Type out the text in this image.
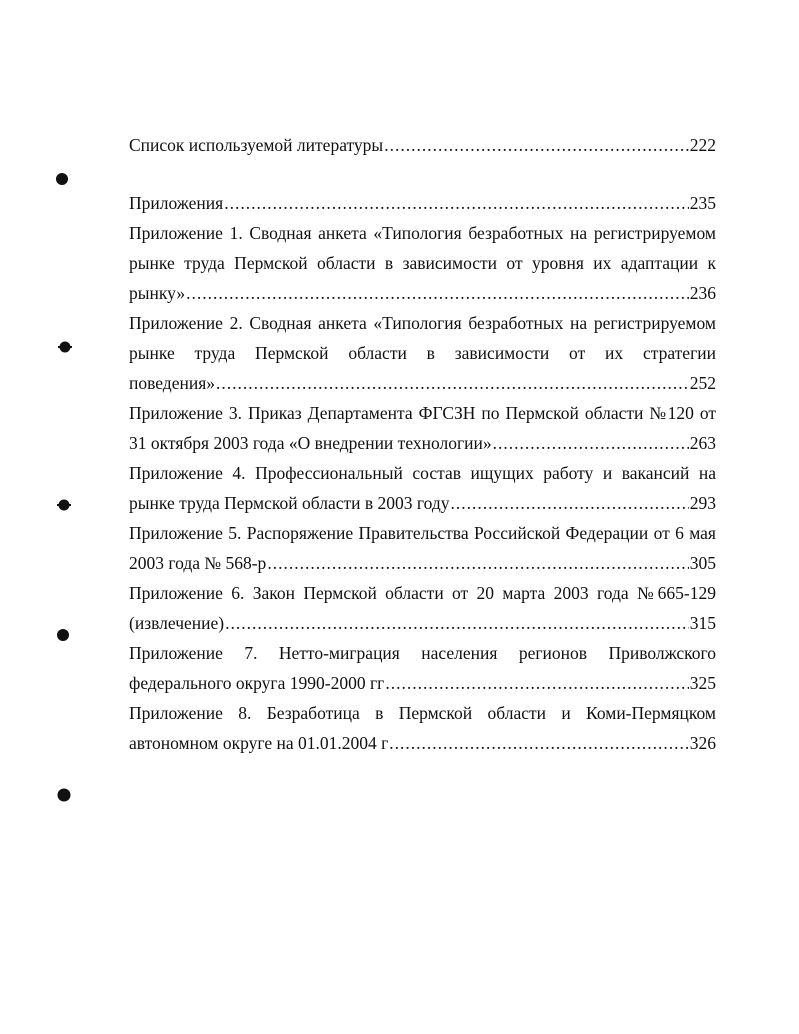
Список используемой литературы .....	222
Приложения .....	235
Приложение 1. Сводная анкета «Типология безработных на регистрируемом
рынке труда Пермской области в зависимости от уровня их адаптации к
рынку» .....	236
Приложение 2. Сводная анкета «Типология безработных на регистрируемом
рынке труда Пермской области в зависимости от их стратегии
поведения» .....	252
Приложение 3. Приказ Департамента ФГСЗН по Пермской области №120 от
31 октября 2003 года «О внедрении технологии» .....	263
Приложение 4. Профессиональный состав ищущих работу и вакансий на
рынке труда Пермской области в 2003 году .....	293
Приложение 5. Распоряжение Правительства Российской Федерации от 6 мая
2003 года № 568-р .....	305
Приложение 6. Закон Пермской области от 20 марта 2003 года №665-129
(извлечение) .....	315
Приложение 7. Нетто-миграция населения регионов Приволжского
федерального округа 1990-2000 гг .....	325
Приложение 8. Безработица в Пермской области и Коми-Пермяцком
автономном округе на 01.01.2004 г .....	326
